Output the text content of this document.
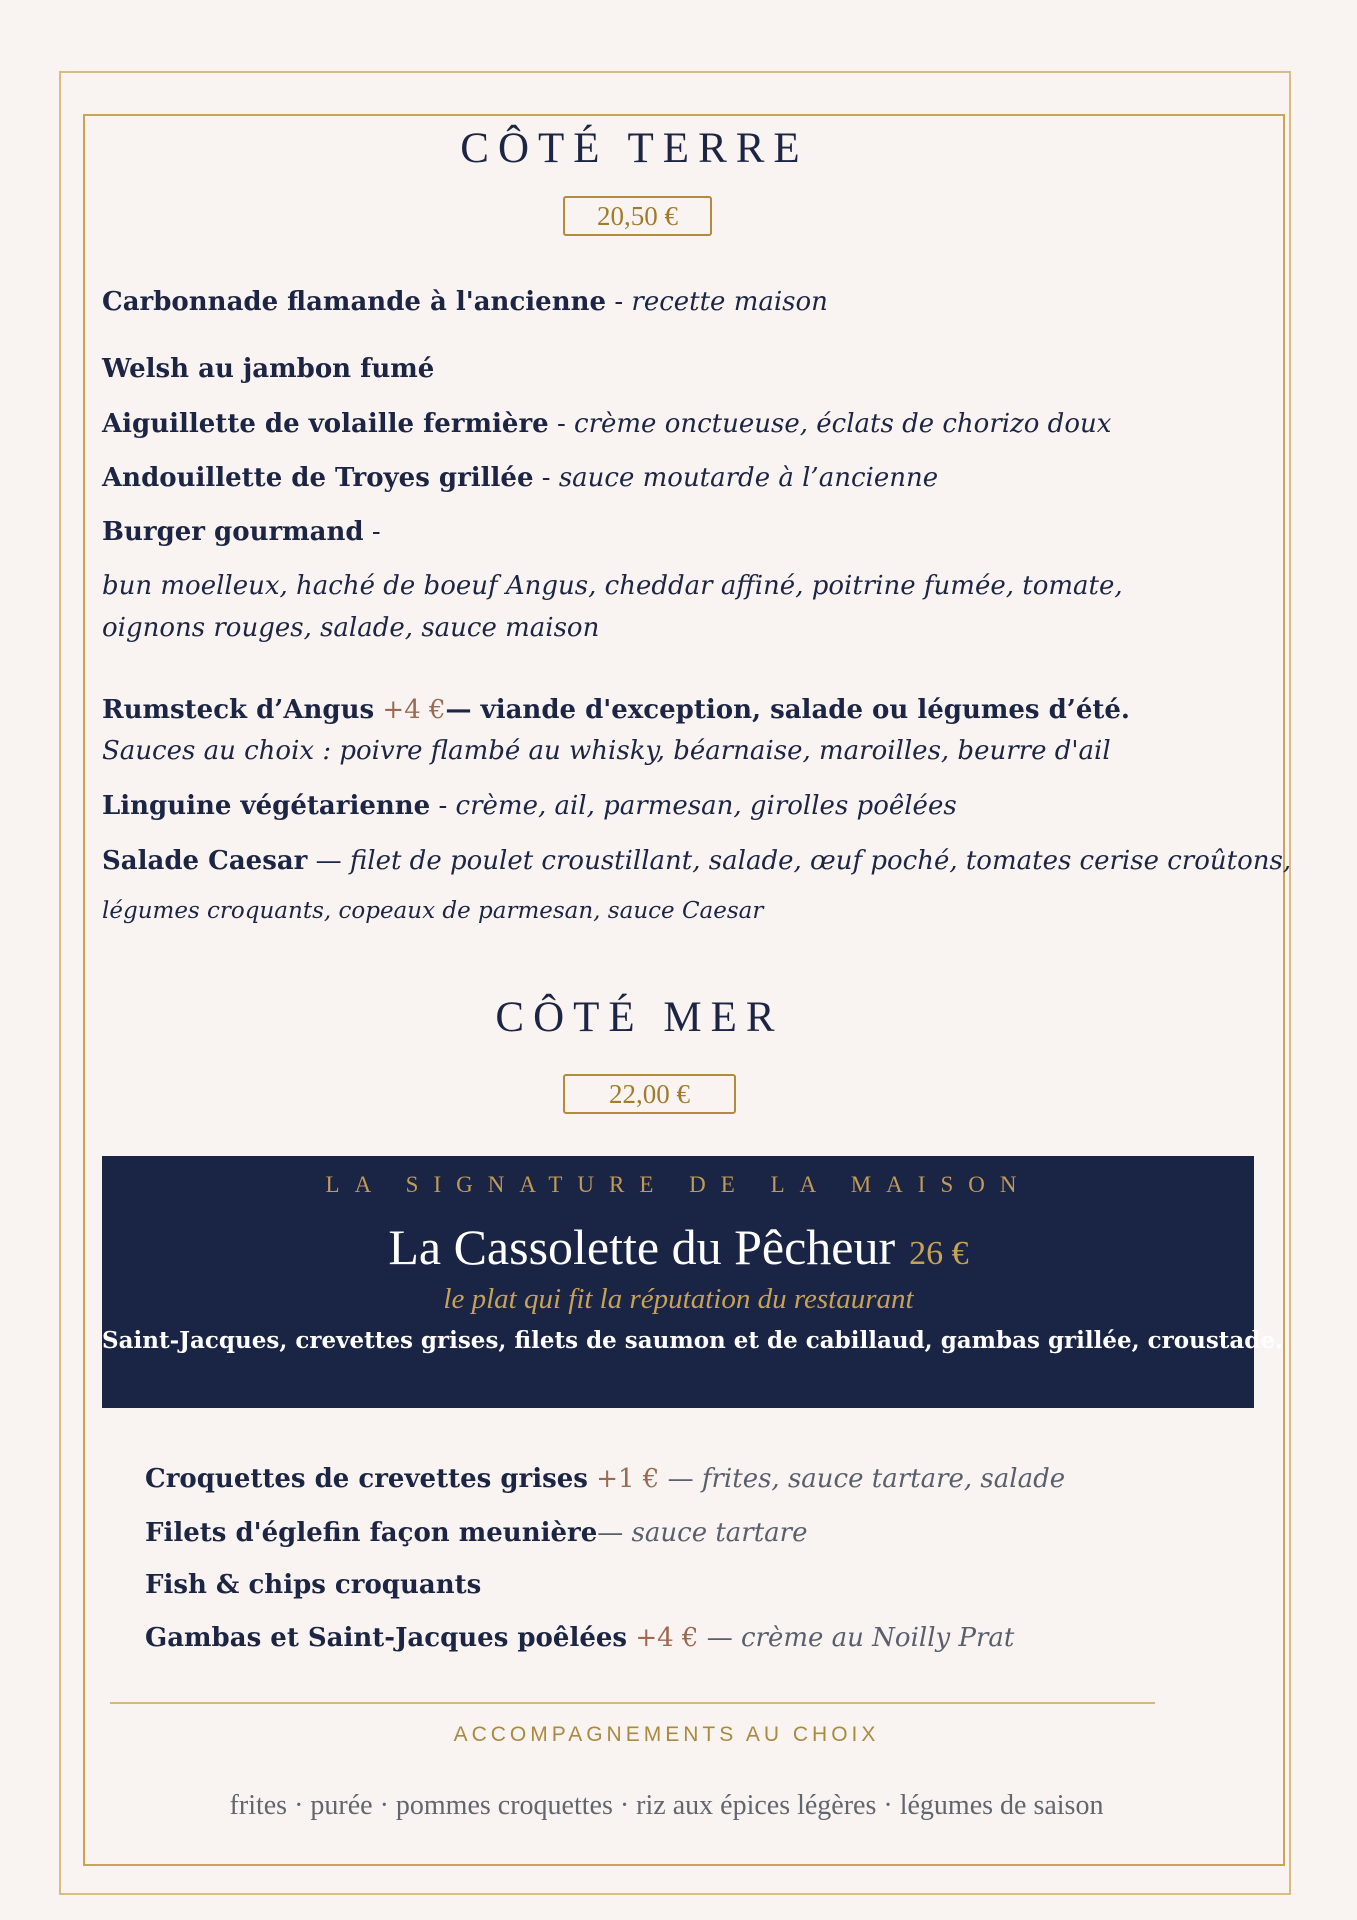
CÔTÉ TERRE
20,50 €
Carbonnade flamande à l'ancienne - recette maison
Welsh au jambon fumé
Aiguillette de volaille fermière - crème onctueuse, éclats de chorizo doux
Andouillette de Troyes grillée - sauce moutarde à l’ancienne
Burger gourmand -
bun moelleux, haché de boeuf Angus, cheddar affiné, poitrine fumée, tomate,
oignons rouges, salade, sauce maison
Rumsteck d’Angus +4 €— viande d'exception, salade ou légumes d’été.
Sauces au choix : poivre flambé au whisky, béarnaise, maroilles, beurre d'ail
Linguine végétarienne - crème, ail, parmesan, girolles poêlées
Salade Caesar — filet de poulet croustillant, salade, œuf poché, tomates cerise croûtons,
légumes croquants, copeaux de parmesan, sauce Caesar
CÔTÉ MER
22,00 €
LA SIGNATURE DE LA MAISON
La Cassolette du Pêcheur 26 €
le plat qui fit la réputation du restaurant
Saint-Jacques, crevettes grises, filets de saumon et de cabillaud, gambas grillée, croustade.
Croquettes de crevettes grises +1 € — frites, sauce tartare, salade
Filets d'églefin façon meunière— sauce tartare
Fish & chips croquants
Gambas et Saint-Jacques poêlées +4 € — crème au Noilly Prat
ACCOMPAGNEMENTS AU CHOIX
frites · purée · pommes croquettes · riz aux épices légères · légumes de saison
